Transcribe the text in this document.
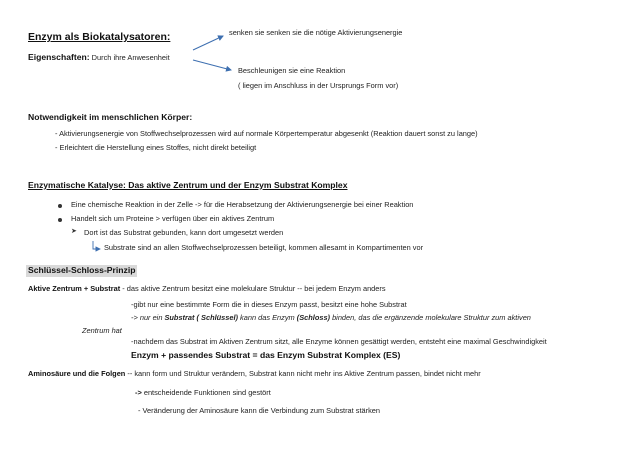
Enzym als Biokatalysatoren:
Eigenschaften: Durch ihre Anwesenheit
senken sie senken sie die nötige Aktivierungsenergie
Beschleunigen sie eine Reaktion
( liegen im Anschluss in der Ursprungs Form vor)
Notwendigkeit im menschlichen Körper:
- Aktivierungsenergie von Stoffwechselprozessen wird auf normale Körpertemperatur abgesenkt (Reaktion dauert sonst zu lange)
- Erleichtert die Herstellung eines Stoffes, nicht direkt beteiligt
Enzymatische Katalyse: Das aktive Zentrum und der Enzym Substrat Komplex
Eine chemische Reaktion in der Zelle -> für die Herabsetzung der Aktivierungsenergie bei einer Reaktion
Handelt sich um Proteine > verfügen über ein aktives Zentrum
➤ Dort ist das Substrat gebunden, kann dort umgesetzt werden
Substrate sind an allen Stoffwechselprozessen beteiligt, kommen allesamt in Kompartimenten vor
Schlüssel-Schloss-Prinzip
Aktive Zentrum + Substrat - das aktive Zentrum besitzt eine molekulare Struktur -- bei jedem Enzym anders
-gibt nur eine bestimmte Form die in dieses Enzym passt, besitzt eine hohe Substrat
-> nur ein Substrat ( Schlüssel) kann das Enzym (Schloss) binden, das die ergänzende molekulare Struktur zum aktiven
Zentrum hat
-nachdem das Substrat im Aktiven Zentrum sitzt, alle Enzyme können gesättigt werden, entsteht eine maximal Geschwindigkeit
Enzym + passendes Substrat = das Enzym Substrat Komplex (ES)
Aminosäure und die Folgen -- kann form und Struktur verändern, Substrat kann nicht mehr ins Aktive Zentrum passen, bindet nicht mehr
-> entscheidende Funktionen sind gestört
- Veränderung der Aminosäure kann die Verbindung zum Substrat stärken
